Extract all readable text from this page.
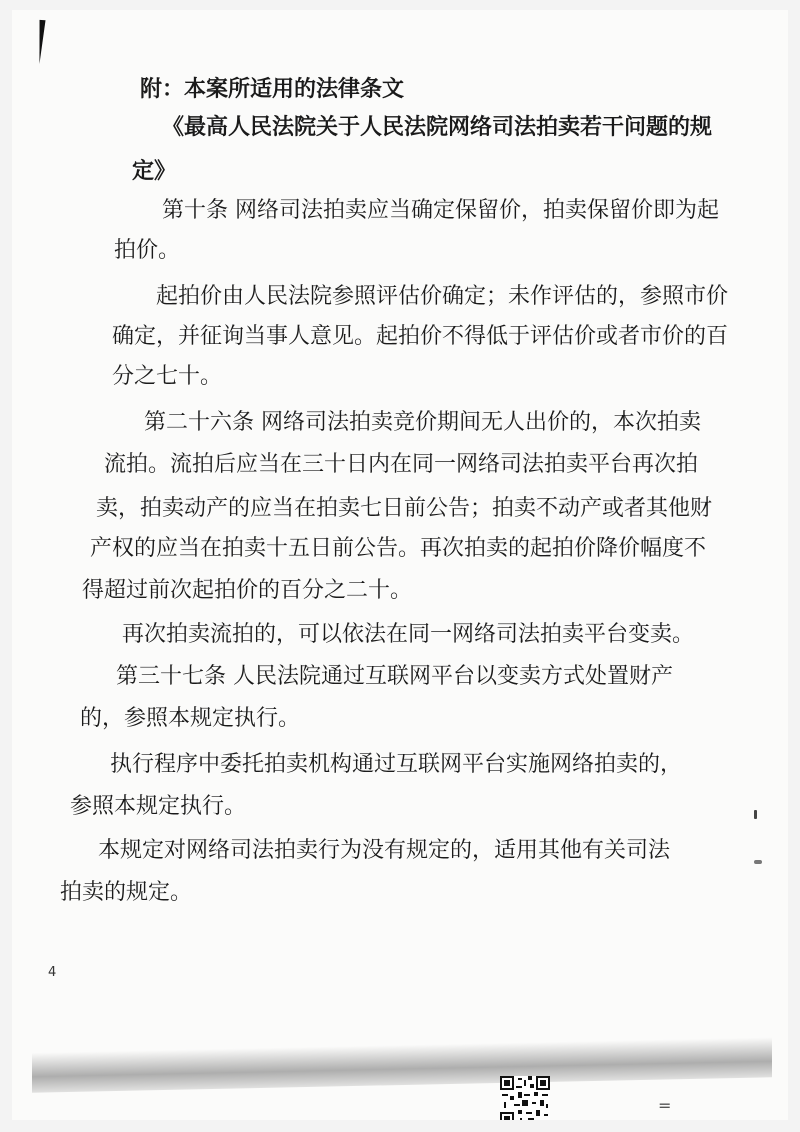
附：本案所适用的法律条文
《最高人民法院关于人民法院网络司法拍卖若干问题的规
定》
第十条 网络司法拍卖应当确定保留价，拍卖保留价即为起
拍价。
起拍价由人民法院参照评估价确定；未作评估的，参照市价
确定，并征询当事人意见。起拍价不得低于评估价或者市价的百
分之七十。
第二十六条 网络司法拍卖竞价期间无人出价的，本次拍卖
流拍。流拍后应当在三十日内在同一网络司法拍卖平台再次拍
卖，拍卖动产的应当在拍卖七日前公告；拍卖不动产或者其他财
产权的应当在拍卖十五日前公告。再次拍卖的起拍价降价幅度不
得超过前次起拍价的百分之二十。
再次拍卖流拍的，可以依法在同一网络司法拍卖平台变卖。
第三十七条 人民法院通过互联网平台以变卖方式处置财产
的，参照本规定执行。
执行程序中委托拍卖机构通过互联网平台实施网络拍卖的，
参照本规定执行。
本规定对网络司法拍卖行为没有规定的，适用其他有关司法
拍卖的规定。
4
=
